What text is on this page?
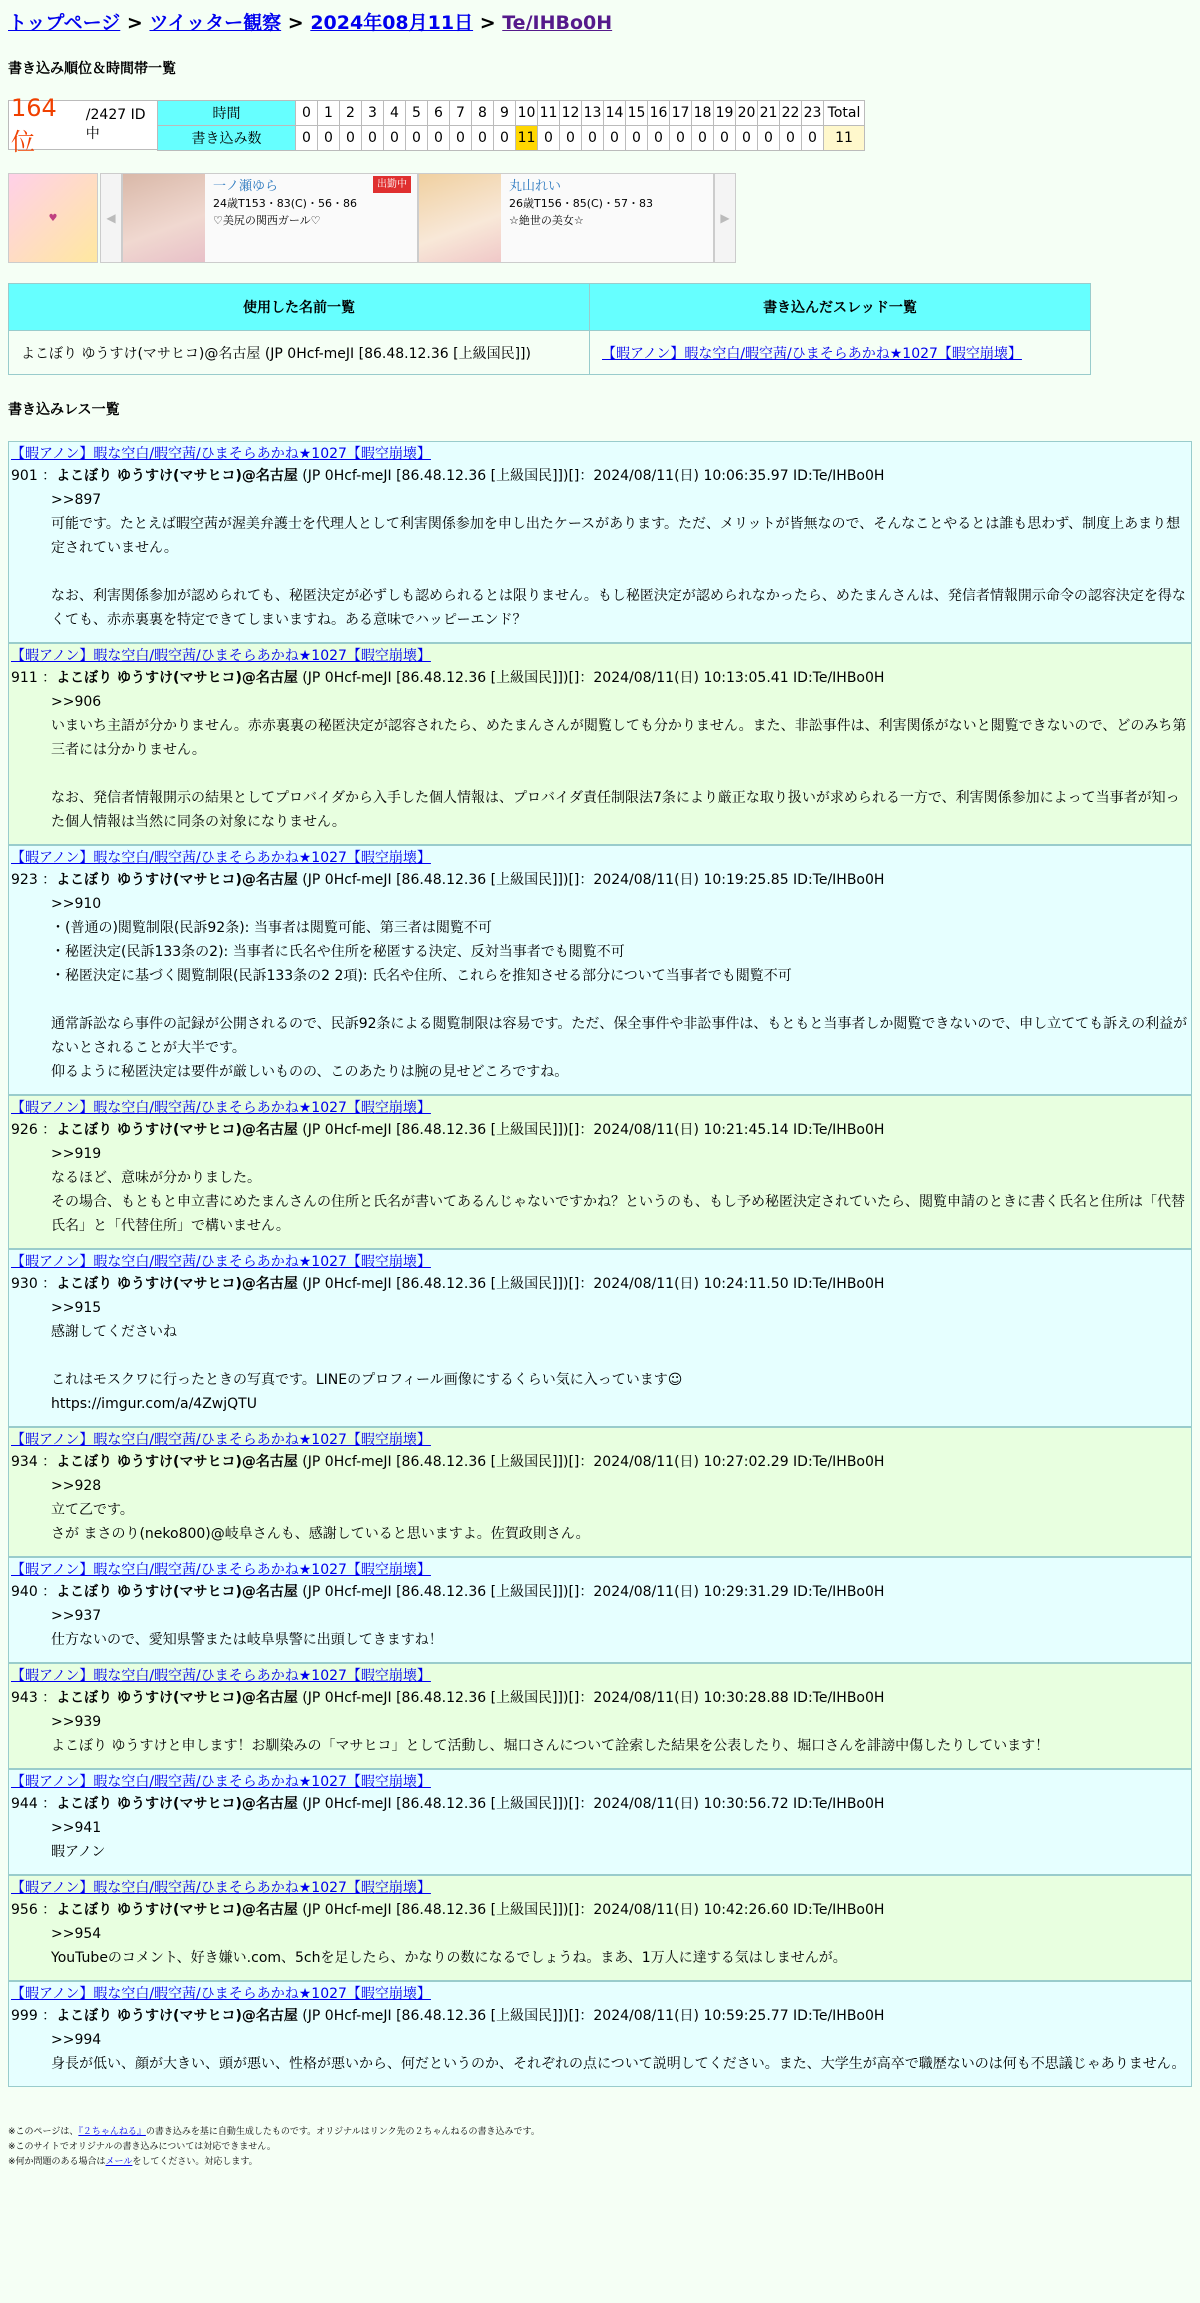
トップページ > ツイッター観察 > 2024年08月11日 > Te/IHBo0H
書き込み順位＆時間帯一覧
164 位
/2427 ID中
時間	0	1	2	3	4	5	6	7	8	9	10	11	12	13	14	15	16	17	18	19	20	21	22	23	Total
書き込み数	0	0	0	0	0	0	0	0	0	0	11	0	0	0	0	0	0	0	0	0	0	0	0	0	11
♥	◀
一ノ瀬ゆら
24歳T153・83(C)・56・86
♡美尻の関西ガール♡
出勤中	丸山れい
26歳T156・85(C)・57・83
☆絶世の美女☆	▶
使用した名前一覧	書き込んだスレッド一覧
よこぼり ゆうすけ(マサヒコ)@名古屋 (JP 0Hcf-meJI [86.48.12.36 [上級国民]])	【暇アノン】暇な空白/暇空茜/ひまそらあかね★1027【暇空崩壊】
書き込みレス一覧
【暇アノン】暇な空白/暇空茜/ひまそらあかね★1027【暇空崩壊】
901 ：よこぼり ゆうすけ(マサヒコ)@名古屋 (JP 0Hcf-meJI [86.48.12.36 [上級国民]])[]：2024/08/11(日) 10:06:35.97 ID:Te/IHBo0H
>>897
可能です。たとえば暇空茜が渥美弁護士を代理人として利害関係参加を申し出たケースがあります。ただ、メリットが皆無なので、そんなことやるとは誰も思わず、制度上あまり想定されていません。

なお、利害関係参加が認められても、秘匿決定が必ずしも認められるとは限りません。もし秘匿決定が認められなかったら、めたまんさんは、発信者情報開示命令の認容決定を得なくても、赤赤裏裏を特定できてしまいますね。ある意味でハッピーエンド？
【暇アノン】暇な空白/暇空茜/ひまそらあかね★1027【暇空崩壊】
911 ：よこぼり ゆうすけ(マサヒコ)@名古屋 (JP 0Hcf-meJI [86.48.12.36 [上級国民]])[]：2024/08/11(日) 10:13:05.41 ID:Te/IHBo0H
>>906
いまいち主語が分かりません。赤赤裏裏の秘匿決定が認容されたら、めたまんさんが閲覧しても分かりません。また、非訟事件は、利害関係がないと閲覧できないので、どのみち第三者には分かりません。

なお、発信者情報開示の結果としてプロバイダから入手した個人情報は、プロバイダ責任制限法7条により厳正な取り扱いが求められる一方で、利害関係参加によって当事者が知った個人情報は当然に同条の対象になりません。
【暇アノン】暇な空白/暇空茜/ひまそらあかね★1027【暇空崩壊】
923 ：よこぼり ゆうすけ(マサヒコ)@名古屋 (JP 0Hcf-meJI [86.48.12.36 [上級国民]])[]：2024/08/11(日) 10:19:25.85 ID:Te/IHBo0H
>>910
・(普通の)閲覧制限(民訴92条): 当事者は閲覧可能、第三者は閲覧不可
・秘匿決定(民訴133条の2): 当事者に氏名や住所を秘匿する決定、反対当事者でも閲覧不可
・秘匿決定に基づく閲覧制限(民訴133条の2 2項): 氏名や住所、これらを推知させる部分について当事者でも閲覧不可

通常訴訟なら事件の記録が公開されるので、民訴92条による閲覧制限は容易です。ただ、保全事件や非訟事件は、もともと当事者しか閲覧できないので、申し立てても訴えの利益がないとされることが大半です。
仰るように秘匿決定は要件が厳しいものの、このあたりは腕の見せどころですね。
【暇アノン】暇な空白/暇空茜/ひまそらあかね★1027【暇空崩壊】
926 ：よこぼり ゆうすけ(マサヒコ)@名古屋 (JP 0Hcf-meJI [86.48.12.36 [上級国民]])[]：2024/08/11(日) 10:21:45.14 ID:Te/IHBo0H
>>919
なるほど、意味が分かりました。
その場合、もともと申立書にめたまんさんの住所と氏名が書いてあるんじゃないですかね？というのも、もし予め秘匿決定されていたら、閲覧申請のときに書く氏名と住所は「代替氏名」と「代替住所」で構いません。
【暇アノン】暇な空白/暇空茜/ひまそらあかね★1027【暇空崩壊】
930 ：よこぼり ゆうすけ(マサヒコ)@名古屋 (JP 0Hcf-meJI [86.48.12.36 [上級国民]])[]：2024/08/11(日) 10:24:11.50 ID:Te/IHBo0H
>>915
感謝してくださいね

これはモスクワに行ったときの写真です。LINEのプロフィール画像にするくらい気に入っています☺
https://imgur.com/a/4ZwjQTU
【暇アノン】暇な空白/暇空茜/ひまそらあかね★1027【暇空崩壊】
934 ：よこぼり ゆうすけ(マサヒコ)@名古屋 (JP 0Hcf-meJI [86.48.12.36 [上級国民]])[]：2024/08/11(日) 10:27:02.29 ID:Te/IHBo0H
>>928
立て乙です。
さが まさのり(neko800)@岐阜さんも、感謝していると思いますよ。佐賀政則さん。
【暇アノン】暇な空白/暇空茜/ひまそらあかね★1027【暇空崩壊】
940 ：よこぼり ゆうすけ(マサヒコ)@名古屋 (JP 0Hcf-meJI [86.48.12.36 [上級国民]])[]：2024/08/11(日) 10:29:31.29 ID:Te/IHBo0H
>>937
仕方ないので、愛知県警または岐阜県警に出頭してきますね！
【暇アノン】暇な空白/暇空茜/ひまそらあかね★1027【暇空崩壊】
943 ：よこぼり ゆうすけ(マサヒコ)@名古屋 (JP 0Hcf-meJI [86.48.12.36 [上級国民]])[]：2024/08/11(日) 10:30:28.88 ID:Te/IHBo0H
>>939
よこぼり ゆうすけと申します！お馴染みの「マサヒコ」として活動し、堀口さんについて詮索した結果を公表したり、堀口さんを誹謗中傷したりしています！
【暇アノン】暇な空白/暇空茜/ひまそらあかね★1027【暇空崩壊】
944 ：よこぼり ゆうすけ(マサヒコ)@名古屋 (JP 0Hcf-meJI [86.48.12.36 [上級国民]])[]：2024/08/11(日) 10:30:56.72 ID:Te/IHBo0H
>>941
暇アノン
【暇アノン】暇な空白/暇空茜/ひまそらあかね★1027【暇空崩壊】
956 ：よこぼり ゆうすけ(マサヒコ)@名古屋 (JP 0Hcf-meJI [86.48.12.36 [上級国民]])[]：2024/08/11(日) 10:42:26.60 ID:Te/IHBo0H
>>954
YouTubeのコメント、好き嫌い.com、5chを足したら、かなりの数になるでしょうね。まあ、1万人に達する気はしませんが。
【暇アノン】暇な空白/暇空茜/ひまそらあかね★1027【暇空崩壊】
999 ：よこぼり ゆうすけ(マサヒコ)@名古屋 (JP 0Hcf-meJI [86.48.12.36 [上級国民]])[]：2024/08/11(日) 10:59:25.77 ID:Te/IHBo0H
>>994
身長が低い、顔が大きい、頭が悪い、性格が悪いから、何だというのか、それぞれの点について説明してください。また、大学生が高卒で職歴ないのは何も不思議じゃありません。
※このページは、『２ちゃんねる』の書き込みを基に自動生成したものです。オリジナルはリンク先の２ちゃんねるの書き込みです。
※このサイトでオリジナルの書き込みについては対応できません。
※何か問題のある場合はメールをしてください。対応します。
